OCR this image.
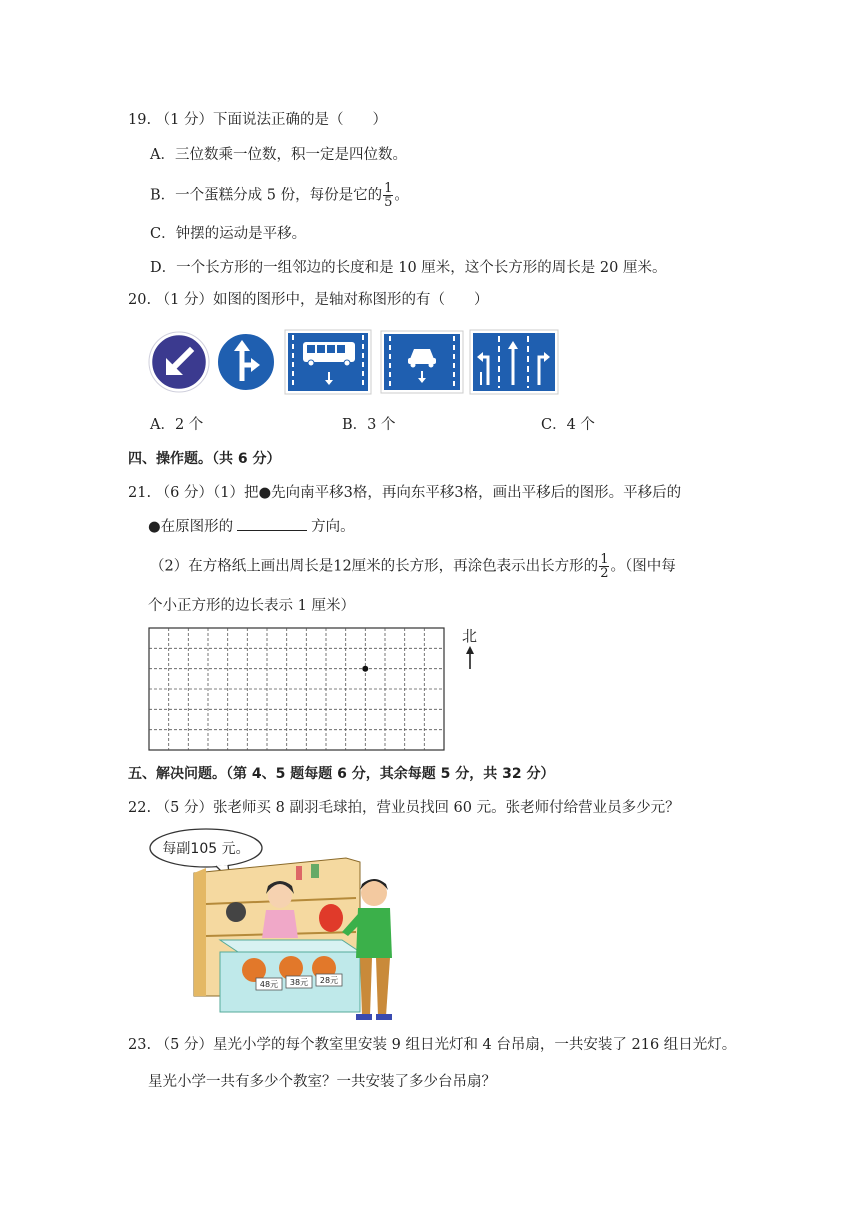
19. （1 分）下面说法正确的是（　　）
A．三位数乘一位数，积一定是四位数。
B．一个蛋糕分成 5 份，每份是它的 $\frac{1}{5}$ 。
C．钟摆的运动是平移。
D．一个长方形的一组邻边的长度和是 10 厘米，这个长方形的周长是 20 厘米。
20. （1 分）如图的图形中，是轴对称图形的有（　　）
A．2 个	B．3 个	C．4 个
四、操作题。（共 6 分）
21. （6 分）（1）把●先向南平移3格，再向东平移3格，画出平移后的图形。平移后的
●在原图形的	方向。
（2）在方格纸上画出周长是12厘米的长方形，再涂色表示出长方形的 $\frac{1}{2}$ 。（图中每
个小正方形的边长表示 1 厘米）
北
五、解决问题。（第 4、5 题每题 6 分，其余每题 5 分，共 32 分）
22. （5 分）张老师买 8 副羽毛球拍，营业员找回 60 元。张老师付给营业员多少元？
每副105 元。
48元 38元 28元
23. （5 分）星光小学的每个教室里安装 9 组日光灯和 4 台吊扇，一共安装了 216 组日光灯。
星光小学一共有多少个教室？一共安装了多少台吊扇？
